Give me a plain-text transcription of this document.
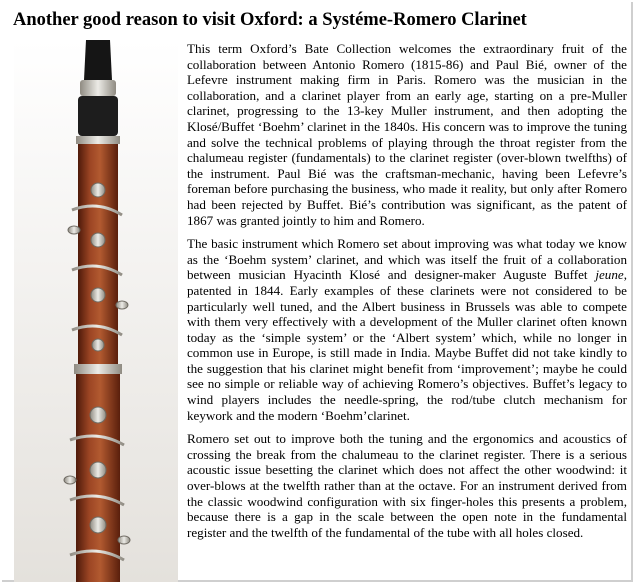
Another good reason to visit Oxford: a Systéme-Romero Clarinet

This term Oxford’s Bate Collection welcomes the extraordinary fruit of the collaboration between Antonio Romero (1815-86) and Paul Bié, owner of the Lefevre instrument making firm in Paris. Romero was the musician in the collaboration, and a clarinet player from an early age, starting on a pre-Muller clarinet, progressing to the 13-key Muller instrument, and then adopting the Klosé/Buffet ‘Boehm’ clarinet in the 1840s. His concern was to improve the tuning and solve the technical problems of playing through the throat register from the chalumeau register (fundamentals) to the clarinet register (over-blown twelfths) of the instrument. Paul Bié was the craftsman-mechanic, having been Lefevre’s foreman before purchasing the business, who made it reality, but only after Romero had been rejected by Buffet. Bié’s contribution was significant, as the patent of 1867 was granted jointly to him and Romero.

The basic instrument which Romero set about improving was what today we know as the ‘Boehm system’ clarinet, and which was itself the fruit of a collaboration between musician Hyacinth Klosé and designer-maker Auguste Buffet jeune, patented in 1844. Early examples of these clarinets were not considered to be particularly well tuned, and the Albert business in Brussels was able to compete with them very effectively with a development of the Muller clarinet often known today as the ‘simple system’ or the ‘Albert system’ which, while no longer in common use in Europe, is still made in India. Maybe Buffet did not take kindly to the suggestion that his clarinet might benefit from ‘improvement’; maybe he could see no simple or reliable way of achieving Romero’s objectives. Buffet’s legacy to wind players includes the needle-spring, the rod/tube clutch mechanism for keywork and the modern ‘Boehm’clarinet.

Romero set out to improve both the tuning and the ergonomics and acoustics of crossing the break from the chalumeau to the clarinet register. There is a serious acoustic issue besetting the clarinet which does not affect the other woodwind: it over-blows at the twelfth rather than at the octave. For an instrument derived from the classic woodwind configuration with six finger-holes this presents a problem, because there is a gap in the scale between the open note in the fundamental register and the twelfth of the fundamental of the tube with all holes closed.
